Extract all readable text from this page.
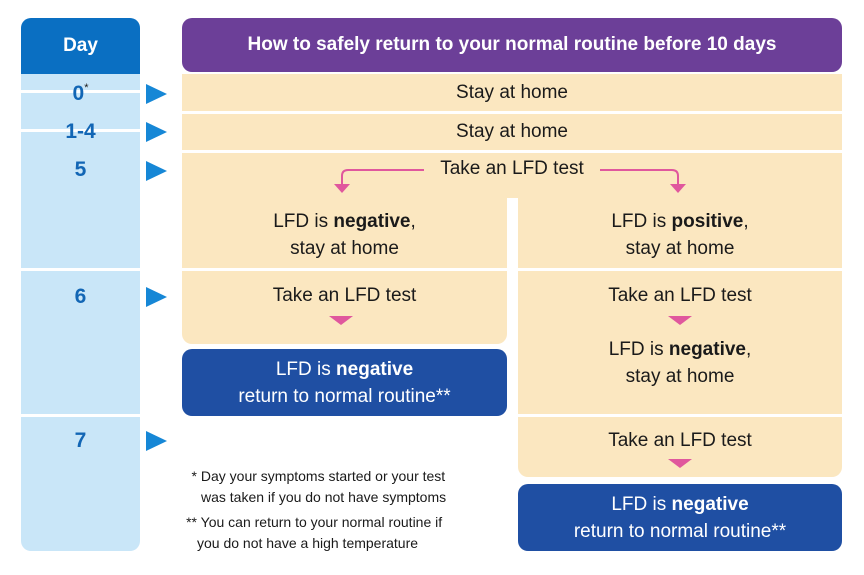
Day
0*
1-4
5
6
7
How to safely return to your normal routine before 10 days
Stay at home
Stay at home
Take an LFD test
LFD is negative,
stay at home
Take an LFD test
LFD is negative
return to normal routine**
LFD is positive,
stay at home
Take an LFD test
LFD is negative,
stay at home
Take an LFD test
LFD is negative
return to normal routine**
* Day your symptoms started or your test
was taken if you do not have symptoms
** You can return to your normal routine if
you do not have a high temperature
